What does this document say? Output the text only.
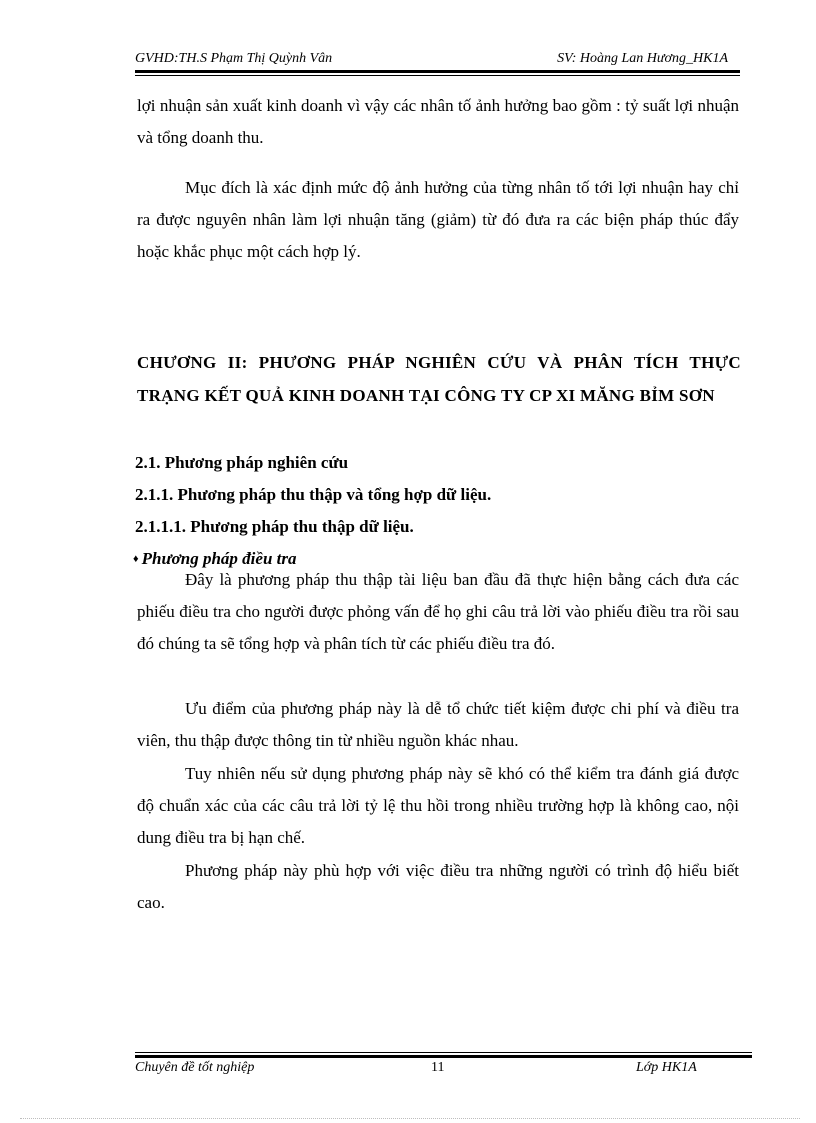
GVHD:TH.S Phạm Thị Quỳnh Vân	SV: Hoàng Lan Hương_HK1A

lợi nhuận sản xuất kinh doanh vì vậy các nhân tố ảnh hưởng bao gồm : tỷ suất lợi nhuận và tổng doanh thu.

Mục đích là xác định mức độ ảnh hưởng của từng nhân tố tới lợi nhuận hay chỉ ra được nguyên nhân làm lợi nhuận tăng (giảm) từ đó đưa ra các biện pháp thúc đẩy hoặc khắc phục một cách hợp lý.

CHƯƠNG II: PHƯƠNG PHÁP NGHIÊN CỨU VÀ PHÂN TÍCH THỰC TRẠNG KẾT QUẢ KINH DOANH TẠI CÔNG TY CP XI MĂNG BỈM SƠN

2.1. Phương pháp nghiên cứu

2.1.1. Phương pháp thu thập và tổng hợp dữ liệu.

2.1.1.1. Phương pháp thu thập dữ liệu.

♦ Phương pháp điều tra

Đây là phương pháp thu thập tài liệu ban đầu đã thực hiện bằng cách đưa các phiếu điều tra cho người được phỏng vấn để họ ghi câu trả lời vào phiếu điều tra rồi sau đó chúng ta sẽ tổng hợp và phân tích từ các phiếu điều tra đó.

Ưu điểm của phương pháp này là dễ tổ chức tiết kiệm được chi phí và điều tra viên, thu thập được thông tin từ nhiều nguồn khác nhau.

Tuy nhiên nếu sử dụng phương pháp này sẽ khó có thể kiểm tra đánh giá được độ chuẩn xác của các câu trả lời tỷ lệ thu hồi trong nhiều trường hợp là không cao, nội dung điều tra bị hạn chế.

Phương pháp này phù hợp với việc điều tra những người có trình độ hiểu biết cao.

Chuyên đề tốt nghiệp	11	Lớp HK1A
